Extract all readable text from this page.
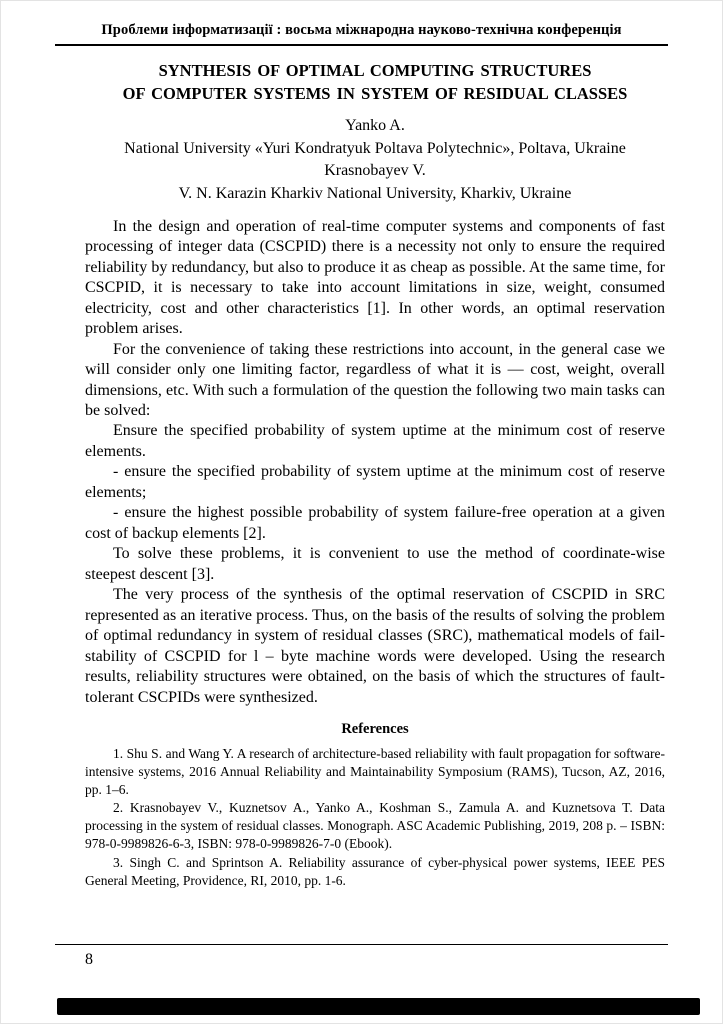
Проблеми інформатизації : восьма міжнародна науково-технічна конференція
SYNTHESIS OF OPTIMAL COMPUTING STRUCTURES
OF COMPUTER SYSTEMS IN SYSTEM OF RESIDUAL CLASSES
Yanko A.
National University «Yuri Kondratyuk Poltava Polytechnic», Poltava, Ukraine
Krasnobayev V.
V. N. Karazin Kharkiv National University, Kharkiv, Ukraine

In the design and operation of real-time computer systems and components of fast processing of integer data (CSCPID) there is a necessity not only to ensure the required reliability by redundancy, but also to produce it as cheap as possible. At the same time, for CSCPID, it is necessary to take into account limitations in size, weight, consumed electricity, cost and other characteristics [1]. In other words, an optimal reservation problem arises.

For the convenience of taking these restrictions into account, in the general case we will consider only one limiting factor, regardless of what it is — cost, weight, overall dimensions, etc. With such a formulation of the question the following two main tasks can be solved:

Ensure the specified probability of system uptime at the minimum cost of reserve elements.

- ensure the specified probability of system uptime at the minimum cost of reserve elements;

- ensure the highest possible probability of system failure-free operation at a given cost of backup elements [2].

To solve these problems, it is convenient to use the method of coordinate-wise steepest descent [3].

The very process of the synthesis of the optimal reservation of CSCPID in SRC represented as an iterative process. Thus, on the basis of the results of solving the problem of optimal redundancy in system of residual classes (SRC), mathematical models of fail-stability of CSCPID for l – byte machine words were developed. Using the research results, reliability structures were obtained, on the basis of which the structures of fault-tolerant CSCPIDs were synthesized.

References

1. Shu S. and Wang Y. A research of architecture-based reliability with fault propagation for software-intensive systems, 2016 Annual Reliability and Maintainability Symposium (RAMS), Tucson, AZ, 2016, pp. 1–6.

2. Krasnobayev V., Kuznetsov A., Yanko A., Koshman S., Zamula A. and Kuznetsova T. Data processing in the system of residual classes. Monograph. ASC Academic Publishing, 2019, 208 p. – ISBN: 978-0-9989826-6-3, ISBN: 978-0-9989826-7-0 (Ebook).

3. Singh C. and Sprintson A. Reliability assurance of cyber-physical power systems, IEEE PES General Meeting, Providence, RI, 2010, pp. 1-6.

8
